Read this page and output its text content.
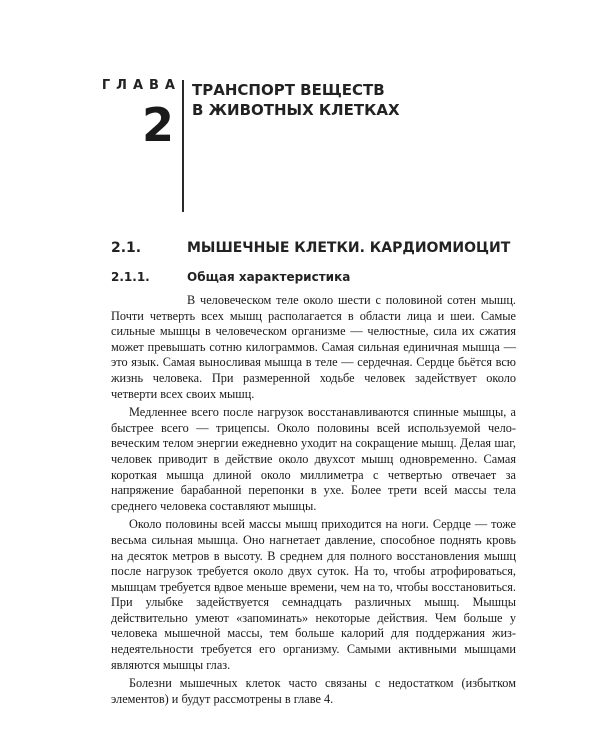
ГЛАВА
2
ТРАНСПОРТ ВЕЩЕСТВ
В ЖИВОТНЫХ КЛЕТКАХ
2.1.	МЫШЕЧНЫЕ КЛЕТКИ. КАРДИОМИОЦИТ
2.1.1.	Общая характеристика

В человеческом теле около шести с половиной сотен мышц. Почти четверть всех мышц располагается в области лица и шеи. Самые сильные мышцы в человеческом организме — челюстные, сила их сжатия может превышать сотню килограммов. Самая сильная единичная мышца — это язык. Самая выносливая мышца в теле — сердечная. Сердце бьётся всю жизнь человека. При размеренной ходьбе человек задействует около четверти всех своих мышц.

Медленнее всего после нагрузок восстанавливаются спинные мышцы, а быстрее всего — трицепсы. Около половины всей используемой человеческим телом энергии ежедневно уходит на сокращение мышц. Делая шаг, человек приводит в действие около двухсот мышц одновременно. Самая короткая мышца длиной около миллиметра с четвертью отвечает за напряжение барабанной перепонки в ухе. Более трети всей массы тела среднего человека составляют мышцы.

Около половины всей массы мышц приходится на ноги. Сердце — тоже весьма сильная мышца. Оно нагнетает давление, способное поднять кровь на десяток метров в высоту. В среднем для полного восстановления мышц после нагрузок требуется около двух суток. На то, чтобы атрофироваться, мышцам требуется вдвое меньше времени, чем на то, чтобы восстановиться. При улыбке задействуется семнадцать различных мышц. Мышцы действительно умеют «запоминать» некоторые действия. Чем больше у человека мышечной массы, тем больше калорий для поддержания жизнедеятельности требуется его организму. Самыми активными мышцами являются мышцы глаз.

Болезни мышечных клеток часто связаны с недостатком (избытком элементов) и будут рассмотрены в главе 4.
